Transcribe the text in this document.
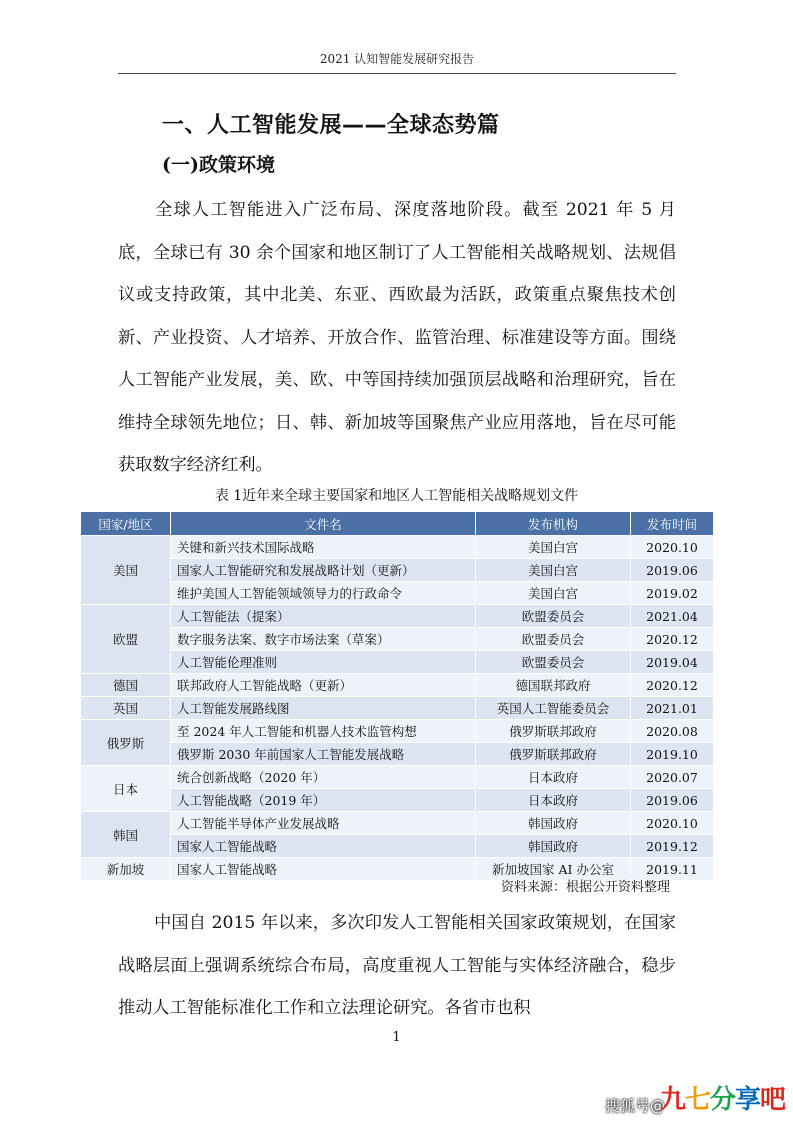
2021 认知智能发展研究报告
一、人工智能发展——全球态势篇
(一)政策环境

全球人工智能进入广泛布局、深度落地阶段。截至 2021 年 5 月底，全球已有 30 余个国家和地区制订了人工智能相关战略规划、法规倡议或支持政策，其中北美、东亚、西欧最为活跃，政策重点聚焦技术创新、产业投资、人才培养、开放合作、监管治理、标准建设等方面。围绕人工智能产业发展，美、欧、中等国持续加强顶层战略和治理研究，旨在维持全球领先地位；日、韩、新加坡等国聚焦产业应用落地，旨在尽可能获取数字经济红利。

表 1近年来全球主要国家和地区人工智能相关战略规划文件
国家/地区	文件名	发布机构	发布时间
美国	关键和新兴技术国际战略	美国白宫	2020.10
	国家人工智能研究和发展战略计划（更新）	美国白宫	2019.06
	维护美国人工智能领域领导力的行政命令	美国白宫	2019.02
欧盟	人工智能法（提案）	欧盟委员会	2021.04
	数字服务法案、数字市场法案（草案）	欧盟委员会	2020.12
	人工智能伦理准则	欧盟委员会	2019.04
德国	联邦政府人工智能战略（更新）	德国联邦政府	2020.12
英国	人工智能发展路线图	英国人工智能委员会	2021.01
俄罗斯	至 2024 年人工智能和机器人技术监管构想	俄罗斯联邦政府	2020.08
	俄罗斯 2030 年前国家人工智能发展战略	俄罗斯联邦政府	2019.10
日本	统合创新战略（2020 年）	日本政府	2020.07
	人工智能战略（2019 年）	日本政府	2019.06
韩国	人工智能半导体产业发展战略	韩国政府	2020.10
	国家人工智能战略	韩国政府	2019.12
新加坡	国家人工智能战略	新加坡国家 AI 办公室	2019.11
资料来源：根据公开资料整理

中国自 2015 年以来，多次印发人工智能相关国家政策规划，在国家战略层面上强调系统综合布局，高度重视人工智能与实体经济融合，稳步推动人工智能标准化工作和立法理论研究。各省市也积

1
搜狐号@
九七分享吧
